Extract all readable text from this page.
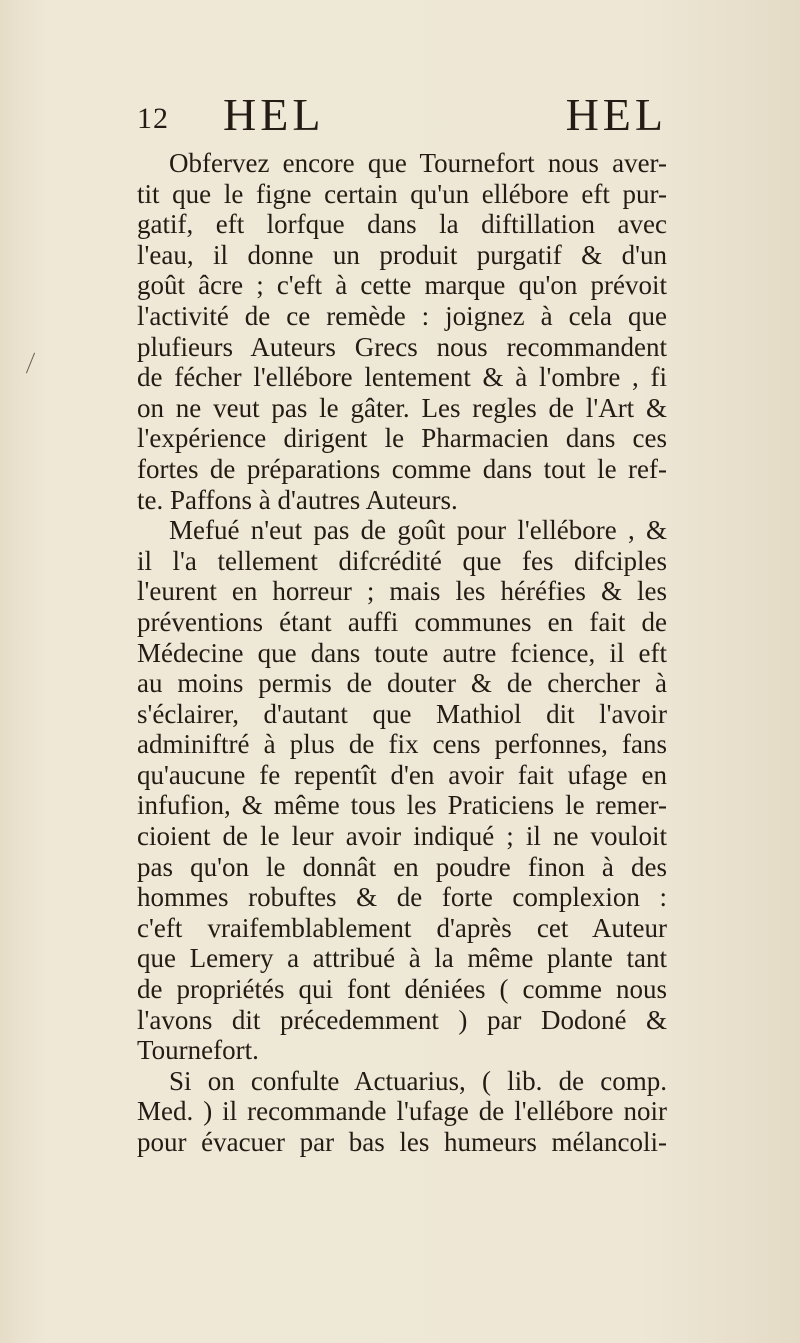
12 HEL	HEL
Obfervez encore que Tournefort nous aver-
tit que le figne certain qu'un ellébore eft pur-
gatif, eft lorfque dans la diftillation avec
l'eau, il donne un produit purgatif & d'un
goût âcre ; c'eft à cette marque qu'on prévoit
l'activité de ce remède : joignez à cela que
plufieurs Auteurs Grecs nous recommandent
de fécher l'ellébore lentement & à l'ombre , fi
on ne veut pas le gâter. Les regles de l'Art &
l'expérience dirigent le Pharmacien dans ces
fortes de préparations comme dans tout le ref-
te. Paffons à d'autres Auteurs.
Mefué n'eut pas de goût pour l'ellébore , &
il l'a tellement difcrédité que fes difciples
l'eurent en horreur ; mais les héréfies & les
préventions étant auffi communes en fait de
Médecine que dans toute autre fcience, il eft
au moins permis de douter & de chercher à
s'éclairer, d'autant que Mathiol dit l'avoir
adminiftré à plus de fix cens perfonnes, fans
qu'aucune fe repentît d'en avoir fait ufage en
infufion, & même tous les Praticiens le remer-
cioient de le leur avoir indiqué ; il ne vouloit
pas qu'on le donnât en poudre finon à des
hommes robuftes & de forte complexion :
c'eft vraifemblablement d'après cet Auteur
que Lemery a attribué à la même plante tant
de propriétés qui font déniées ( comme nous
l'avons dit précedemment ) par Dodoné &
Tournefort.
Si on confulte Actuarius, ( lib. de comp.
Med. ) il recommande l'ufage de l'ellébore noir
pour évacuer par bas les humeurs mélancoli-
